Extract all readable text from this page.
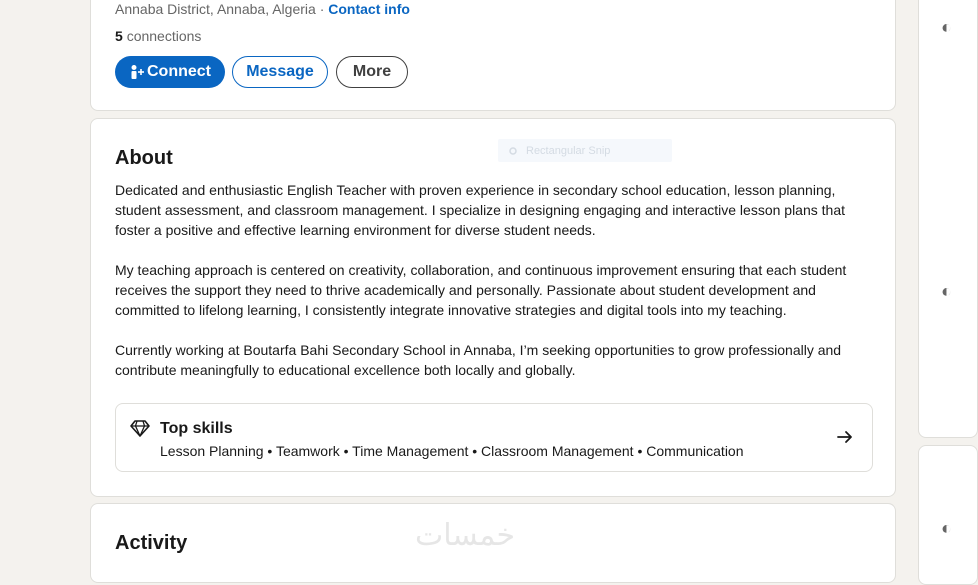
Annaba District, Annaba, Algeria · Contact info
5 connections
Connect	Message	More
About	Rectangular Snip

Dedicated and enthusiastic English Teacher with proven experience in secondary school education, lesson planning, student assessment, and classroom management. I specialize in designing engaging and interactive lesson plans that foster a positive and effective learning environment for diverse student needs.

My teaching approach is centered on creativity, collaboration, and continuous improvement ensuring that each student receives the support they need to thrive academically and personally. Passionate about student development and committed to lifelong learning, I consistently integrate innovative strategies and digital tools into my teaching.

Currently working at Boutarfa Bahi Secondary School in Annaba, I’m seeking opportunities to grow professionally and contribute meaningfully to educational excellence both locally and globally.

Top skills
Lesson Planning • Teamwork • Time Management • Classroom Management • Communication
Activity
◐
◐
◐
خمسات
